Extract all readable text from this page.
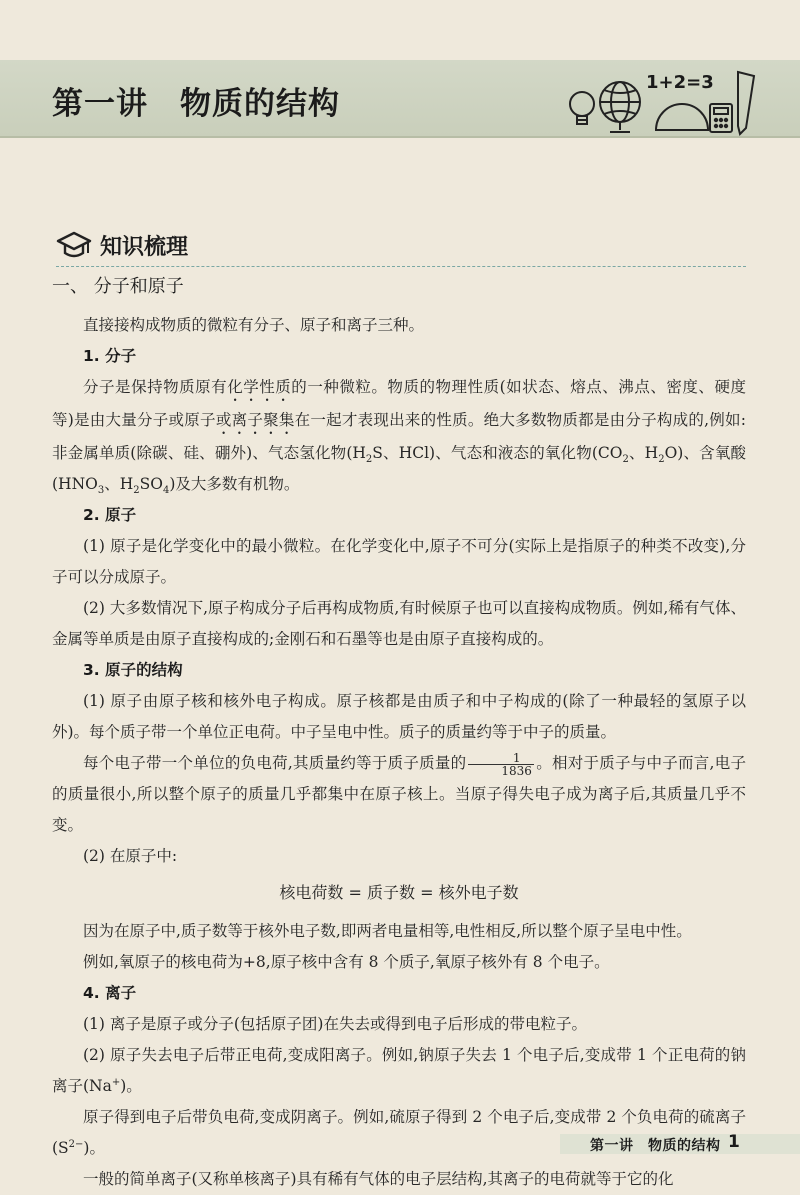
第一讲　物质的结构
1+2=3
知识梳理
一、 分子和原子

直接接构成物质的微粒有分子、原子和离子三种。

1. 分子

分子是保持物质原有化学性质的一种微粒。物质的物理性质(如状态、熔点、沸点、密度、硬度等)是由大量分子或原子或离子聚集在一起才表现出来的性质。绝大多数物质都是由分子构成的,例如:非金属单质(除碳、硅、硼外)、气态氢化物($H_2S$、HCl)、气态和液态的氧化物($CO_2$、$H_2O$)、含氧酸($HNO_3$、$H_2SO_4$)及大多数有机物。

2. 原子

(1) 原子是化学变化中的最小微粒。在化学变化中,原子不可分(实际上是指原子的种类不改变),分子可以分成原子。

(2) 大多数情况下,原子构成分子后再构成物质,有时候原子也可以直接构成物质。例如,稀有气体、金属等单质是由原子直接构成的;金刚石和石墨等也是由原子直接构成的。

3. 原子的结构

(1) 原子由原子核和核外电子构成。原子核都是由质子和中子构成的(除了一种最轻的氢原子以外)。每个质子带一个单位正电荷。中子呈电中性。质子的质量约等于中子的质量。

每个电子带一个单位的负电荷,其质量约等于质子质量的 $\frac{1}{1836}$ 。相对于质子与中子而言,电子的质量很小,所以整个原子的质量几乎都集中在原子核上。当原子得失电子成为离子后,其质量几乎不变。

(2) 在原子中:

核电荷数 = 质子数 = 核外电子数

因为在原子中,质子数等于核外电子数,即两者电量相等,电性相反,所以整个原子呈电中性。

例如,氧原子的核电荷为+8,原子核中含有 8 个质子,氧原子核外有 8 个电子。

4. 离子

(1) 离子是原子或分子(包括原子团)在失去或得到电子后形成的带电粒子。

(2) 原子失去电子后带正电荷,变成阳离子。例如,钠原子失去 1 个电子后,变成带 1 个正电荷的钠离子(Na+)。

原子得到电子后带负电荷,变成阴离子。例如,硫原子得到 2 个电子后,变成带 2 个负电荷的硫离子$(S^{2-})$。

一般的简单离子(又称单核离子)具有稀有气体的电子层结构,其离子的电荷就等于它的化

第一讲　物质的结构 1
